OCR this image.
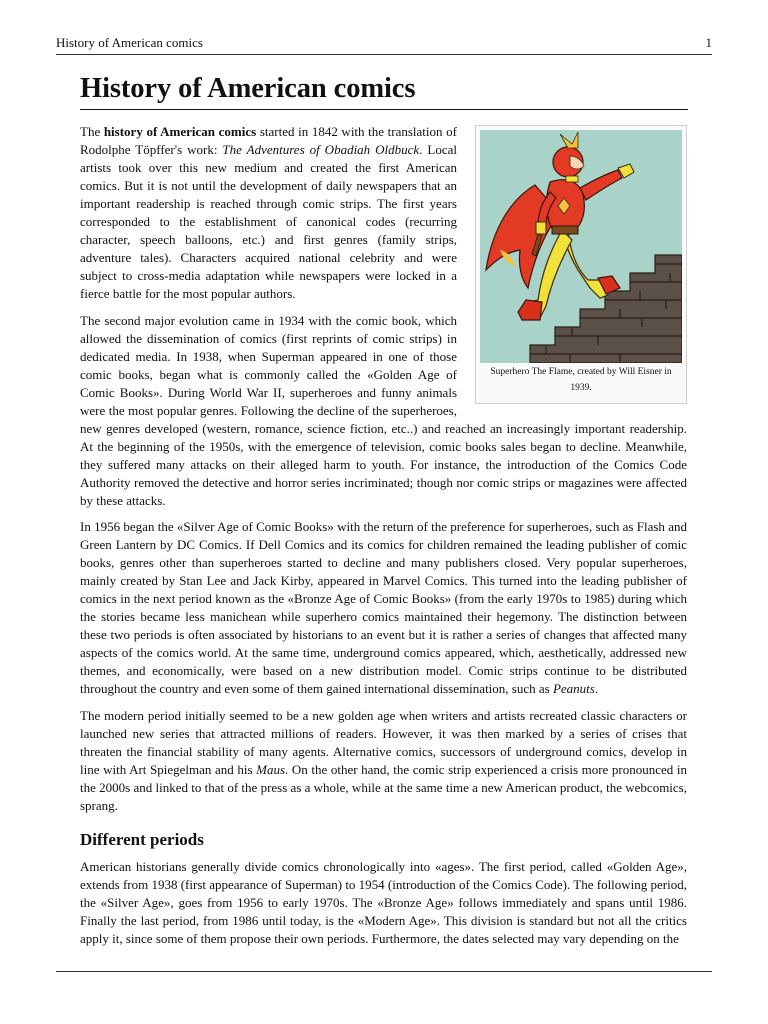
History of American comics	1
History of American comics
Superhero The Flame, created by Will Eisner in 1939.

The history of American comics started in 1842 with the translation of Rodolphe Töpffer's work: The Adventures of Obadiah Oldbuck. Local artists took over this new medium and created the first American comics. But it is not until the development of daily newspapers that an important readership is reached through comic strips. The first years corresponded to the establishment of canonical codes (recurring character, speech balloons, etc.) and first genres (family strips, adventure tales). Characters acquired national celebrity and were subject to cross-media adaptation while newspapers were locked in a fierce battle for the most popular authors.

The second major evolution came in 1934 with the comic book, which allowed the dissemination of comics (first reprints of comic strips) in dedicated media. In 1938, when Superman appeared in one of those comic books, began what is commonly called the «Golden Age of Comic Books». During World War II, superheroes and funny animals were the most popular genres. Following the decline of the superheroes, new genres developed (western, romance, science fiction, etc..) and reached an increasingly important readership. At the beginning of the 1950s, with the emergence of television, comic books sales began to decline. Meanwhile, they suffered many attacks on their alleged harm to youth. For instance, the introduction of the Comics Code Authority removed the detective and horror series incriminated; though nor comic strips or magazines were affected by these attacks.

In 1956 began the «Silver Age of Comic Books» with the return of the preference for superheroes, such as Flash and Green Lantern by DC Comics. If Dell Comics and its comics for children remained the leading publisher of comic books, genres other than superheroes started to decline and many publishers closed. Very popular superheroes, mainly created by Stan Lee and Jack Kirby, appeared in Marvel Comics. This turned into the leading publisher of comics in the next period known as the «Bronze Age of Comic Books» (from the early 1970s to 1985) during which the stories became less manichean while superhero comics maintained their hegemony. The distinction between these two periods is often associated by historians to an event but it is rather a series of changes that affected many aspects of the comics world. At the same time, underground comics appeared, which, aesthetically, addressed new themes, and economically, were based on a new distribution model. Comic strips continue to be distributed throughout the country and even some of them gained international dissemination, such as Peanuts.

The modern period initially seemed to be a new golden age when writers and artists recreated classic characters or launched new series that attracted millions of readers. However, it was then marked by a series of crises that threaten the financial stability of many agents. Alternative comics, successors of underground comics, develop in line with Art Spiegelman and his Maus. On the other hand, the comic strip experienced a crisis more pronounced in the 2000s and linked to that of the press as a whole, while at the same time a new American product, the webcomics, sprang.

Different periods

American historians generally divide comics chronologically into «ages». The first period, called «Golden Age», extends from 1938 (first appearance of Superman) to 1954 (introduction of the Comics Code). The following period, the «Silver Age», goes from 1956 to early 1970s. The «Bronze Age» follows immediately and spans until 1986. Finally the last period, from 1986 until today, is the «Modern Age». This division is standard but not all the critics apply it, since some of them propose their own periods. Furthermore, the dates selected may vary depending on the
